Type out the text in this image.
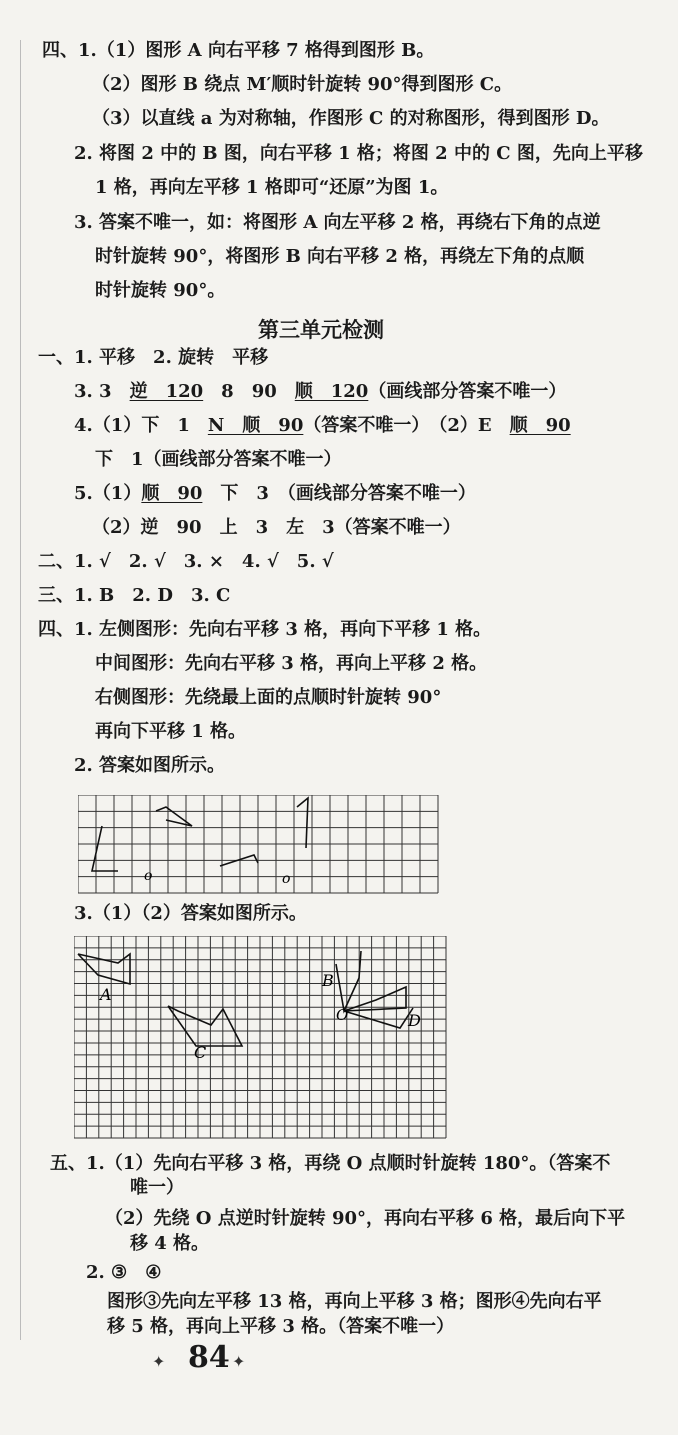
四、1.（1）图形 A 向右平移 7 格得到图形 B。
（2）图形 B 绕点 M′顺时针旋转 90°得到图形 C。
（3）以直线 a 为对称轴，作图形 C 的对称图形，得到图形 D。
2. 将图 2 中的 B 图，向右平移 1 格；将图 2 中的 C 图，先向上平移
1 格，再向左平移 1 格即可“还原”为图 1。
3. 答案不唯一，如：将图形 A 向左平移 2 格，再绕右下角的点逆
时针旋转 90°，将图形 B 向右平移 2 格，再绕左下角的点顺
时针旋转 90°。
第三单元检测
一、1. 平移　2. 旋转　平移
3. 3　逆　120　8　90　顺　120（画线部分答案不唯一）
4.（1）下　1　N　顺　90（答案不唯一）　（2）E　顺　90
下　1（画线部分答案不唯一）
5.（1）顺　90　下　3　（画线部分答案不唯一）
（2）逆　90　上　3　左　3（答案不唯一）
二、1. √　2. √　3. ×　4. √　5. √
三、1. B　2. D　3. C
四、1. 左侧图形：先向右平移 3 格，再向下平移 1 格。
中间图形：先向右平移 3 格，再向上平移 2 格。
右侧图形：先绕最上面的点顺时针旋转 90°
再向下平移 1 格。
2. 答案如图所示。
o	o
3.（1）（2）答案如图所示。
A
B
C
D
O
五、1.（1）先向右平移 3 格，再绕 O 点顺时针旋转 180°。（答案不
唯一）
（2）先绕 O 点逆时针旋转 90°，再向右平移 6 格，最后向下平
移 4 格。
2. ③　④
图形③先向左平移 13 格，再向上平移 3 格；图形④先向右平
移 5 格，再向上平移 3 格。（答案不唯一）
✦ 84 ✦
